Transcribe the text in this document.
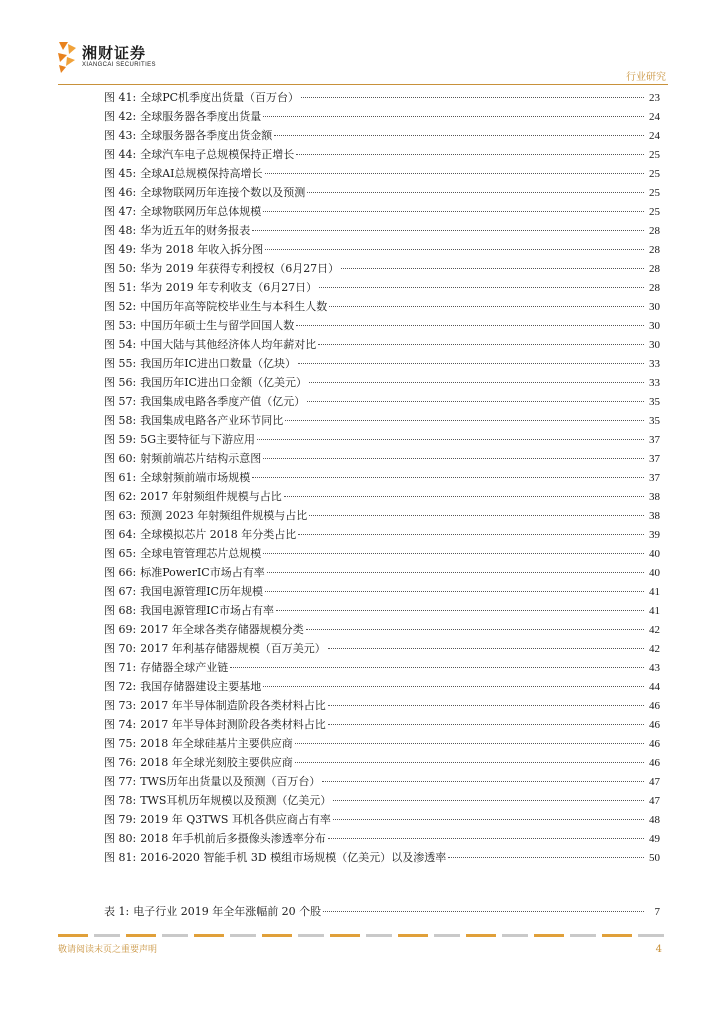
湘财证券
XIANGCAI SECURITIES
行业研究
图 41: 全球PC机季度出货量（百万台）	23
图 42: 全球服务器各季度出货量	24
图 43: 全球服务器各季度出货金额	24
图 44: 全球汽车电子总规模保持正增长	25
图 45: 全球AI总规模保持高增长	25
图 46: 全球物联网历年连接个数以及预测	25
图 47: 全球物联网历年总体规模	25
图 48: 华为近五年的财务报表	28
图 49: 华为 2018 年收入拆分图	28
图 50: 华为 2019 年获得专利授权（6月27日）	28
图 51: 华为 2019 年专利收支（6月27日）	28
图 52: 中国历年高等院校毕业生与本科生人数	30
图 53: 中国历年硕士生与留学回国人数	30
图 54: 中国大陆与其他经济体人均年薪对比	30
图 55: 我国历年IC进出口数量（亿块）	33
图 56: 我国历年IC进出口金额（亿美元）	33
图 57: 我国集成电路各季度产值（亿元）	35
图 58: 我国集成电路各产业环节同比	35
图 59: 5G主要特征与下游应用	37
图 60: 射频前端芯片结构示意图	37
图 61: 全球射频前端市场规模	37
图 62: 2017 年射频组件规模与占比	38
图 63: 预测 2023 年射频组件规模与占比	38
图 64: 全球模拟芯片 2018 年分类占比	39
图 65: 全球电管管理芯片总规模	40
图 66: 标准PowerIC市场占有率	40
图 67: 我国电源管理IC历年规模	41
图 68: 我国电源管理IC市场占有率	41
图 69: 2017 年全球各类存储器规模分类	42
图 70: 2017 年利基存储器规模（百万美元）	42
图 71: 存储器全球产业链	43
图 72: 我国存储器建设主要基地	44
图 73: 2017 年半导体制造阶段各类材料占比	46
图 74: 2017 年半导体封测阶段各类材料占比	46
图 75: 2018 年全球硅基片主要供应商	46
图 76: 2018 年全球光刻胶主要供应商	46
图 77: TWS历年出货量以及预测（百万台）	47
图 78: TWS耳机历年规模以及预测（亿美元）	47
图 79: 2019 年 Q3TWS 耳机各供应商占有率	48
图 80: 2018 年手机前后多摄像头渗透率分布	49
图 81: 2016-2020 智能手机 3D 模组市场规模（亿美元）以及渗透率	50
表 1: 电子行业 2019 年全年涨幅前 20 个股	7
敬请阅读末页之重要声明	4
